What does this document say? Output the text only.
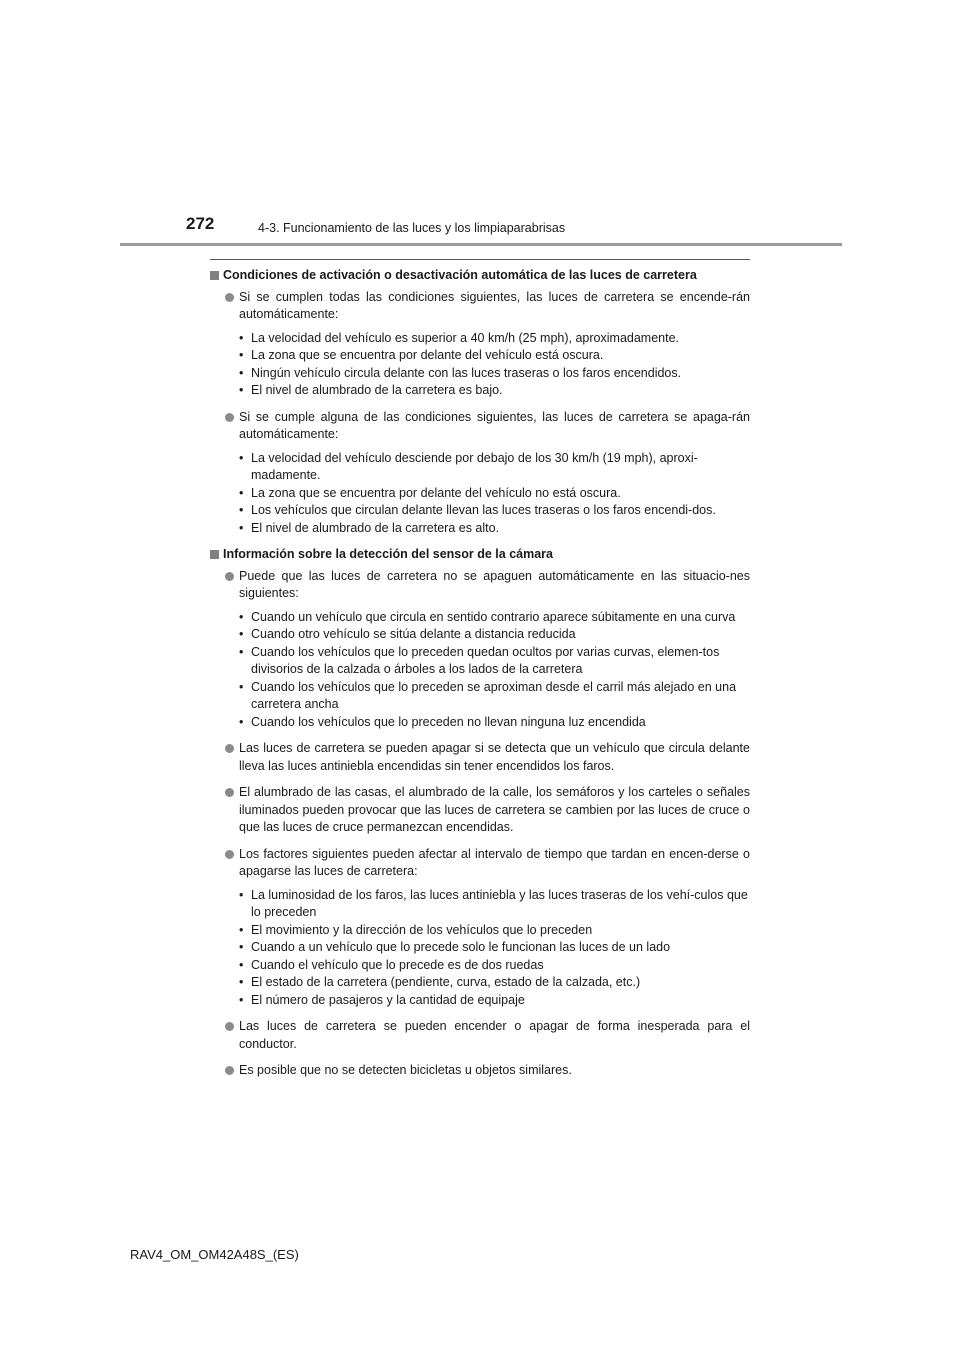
272	4-3. Funcionamiento de las luces y los limpiaparabrisas
Condiciones de activación o desactivación automática de las luces de carretera
Si se cumplen todas las condiciones siguientes, las luces de carretera se encende-rán automáticamente:
• La velocidad del vehículo es superior a 40 km/h (25 mph), aproximadamente.
• La zona que se encuentra por delante del vehículo está oscura.
• Ningún vehículo circula delante con las luces traseras o los faros encendidos.
• El nivel de alumbrado de la carretera es bajo.
Si se cumple alguna de las condiciones siguientes, las luces de carretera se apaga-rán automáticamente:
• La velocidad del vehículo desciende por debajo de los 30 km/h (19 mph), aproxi-madamente.
• La zona que se encuentra por delante del vehículo no está oscura.
• Los vehículos que circulan delante llevan las luces traseras o los faros encendi-dos.
• El nivel de alumbrado de la carretera es alto.
Información sobre la detección del sensor de la cámara
Puede que las luces de carretera no se apaguen automáticamente en las situacio-nes siguientes:
• Cuando un vehículo que circula en sentido contrario aparece súbitamente en una curva
• Cuando otro vehículo se sitúa delante a distancia reducida
• Cuando los vehículos que lo preceden quedan ocultos por varias curvas, elemen-tos divisorios de la calzada o árboles a los lados de la carretera
• Cuando los vehículos que lo preceden se aproximan desde el carril más alejado en una carretera ancha
• Cuando los vehículos que lo preceden no llevan ninguna luz encendida
Las luces de carretera se pueden apagar si se detecta que un vehículo que circula delante lleva las luces antiniebla encendidas sin tener encendidos los faros.
El alumbrado de las casas, el alumbrado de la calle, los semáforos y los carteles o señales iluminados pueden provocar que las luces de carretera se cambien por las luces de cruce o que las luces de cruce permanezcan encendidas.
Los factores siguientes pueden afectar al intervalo de tiempo que tardan en encen-derse o apagarse las luces de carretera:
• La luminosidad de los faros, las luces antiniebla y las luces traseras de los vehí-culos que lo preceden
• El movimiento y la dirección de los vehículos que lo preceden
• Cuando a un vehículo que lo precede solo le funcionan las luces de un lado
• Cuando el vehículo que lo precede es de dos ruedas
• El estado de la carretera (pendiente, curva, estado de la calzada, etc.)
• El número de pasajeros y la cantidad de equipaje
Las luces de carretera se pueden encender o apagar de forma inesperada para el conductor.
Es posible que no se detecten bicicletas u objetos similares.
RAV4_OM_OM42A48S_(ES)
